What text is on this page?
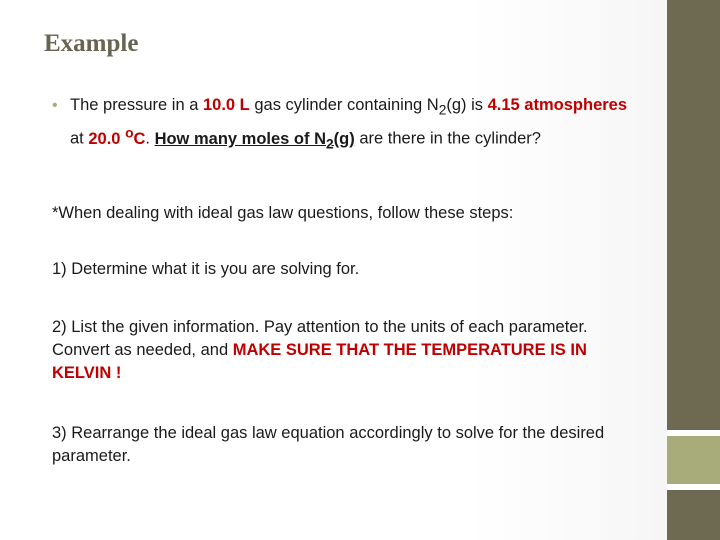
Example
• The pressure in a 10.0 L gas cylinder containing $N_2(g)$ is 4.15 atmospheres at 20.0 $^o$C. How many moles of $N_2(g)$ are there in the cylinder?
*When dealing with ideal gas law questions, follow these steps:
1) Determine what it is you are solving for.
2) List the given information. Pay attention to the units of each parameter. Convert as needed, and MAKE SURE THAT THE TEMPERATURE IS IN KELVIN !
3) Rearrange the ideal gas law equation accordingly to solve for the desired parameter.
